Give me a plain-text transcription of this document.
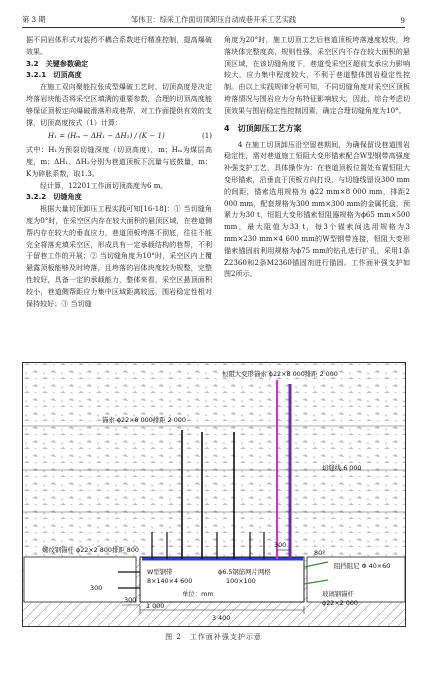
第 3 期	邹伟卫：综采工作面切顶卸压自动成巷开采工艺实践	9

据不同岩体形式对装药不耦合系数进行精准控制，提高爆破效果。

3.2　关键参数确定
3.2.1　切顶高度

在施工双向聚能拉张成型爆破工艺时，切顶高度是决定垮落岩块能否将采空区填满的重要参数，合理的切顶高度能够保证顶板定向爆破滑落形成巷帮，对工作面提供有效的支撑，切顶高度按式（1）计算：

H₁ = (Hₘ − ΔH₁ − ΔH₂) / (K − 1)	(1)

式中：H₁为预裂切缝深度（切顶高度），m；Hₘ为煤层高度，m；ΔH₁、ΔH₂分别为巷道顶板下沉量与底鼓量，m；K为碎胀系数，取1.3。

经计算，12201工作面切顶高度为6 m。

3.2.2　切缝角度

根据大量切顶卸压工程实践可知[16-18]：① 当切缝角度为0°时，在采空区内存在较大面积的悬顶区域，在巷道侧帮内存在较大的垂直应力，巷道顶板垮落不彻底，往往不能完全将落充填采空区，形成具有一定承载结构的巷帮，不利于留巷工作的开展；② 当切缝角度为10°时，采空区内上覆悬露顶板能够及时垮落，且垮落的岩体块度较为规整，完整性较好，具备一定的承载能力，整体来看，采空区悬顶面积较小，巷道侧帮距应力集中区域距离较远，围岩稳定性相对保持较好；③ 当切缝

角度为20°时，施工切顶工艺后巷道顶板垮落速度较快，垮落块体完整度高，规则性强，采空区内不存在较大面积的悬顶区域，在该切缝角度下，巷道受采空区超前支承应力影响较大，应力集中程度较大，不利于巷道整体围岩稳定性控制。由以上实践规律分析可知，不同切缝角度对采空区顶板垮落情况与围岩应力分布特征影响较大，因此，综合考虑切顶效果与围岩稳定性控制因素，确定合理切缝角度为10°。

4　切顶卸压工艺方案

4 在施工切顶卸压沿空留巷期间，为确保留设巷道围岩稳定性，需对巷道施工恒阻大变形锚索配合W型钢带高强度补强支护工艺，具体操作为：在巷道顶板位置处布置恒阻大变形锚索，沿垂直于顶板方向打设，与切缝线留设300 mm的间距，锚索选用规格为 ϕ22 mm×8 000 mm，排距2 000 mm，配套规格为300 mm×300 mm的金属托盘，预紧力为30 t，恒阻大变形锚索恒阻器规格为ϕ65 mm×500 mm，最大阻值为33 t，每3个锚索间选用规格为3 mm×230 mm×4 600 mm的W型钢带连接，恒阻大变形锚索锚固前利用规格为ϕ75 mm的钻孔进行扩孔，采用1条Z2360和2条M2360锚固剂进行锚固。工作面补强支护如图2所示。

恒阻大变形锚索 ϕ22×8 000排距 2 000
锚索 ϕ22×8 000排距 2 000
切缝线 6 000
螺纹钢锚杆 ϕ22×2 800排距 800	80°
阻挡阻尼 Φ 40×60
W型钢带
8×140×4 600
ϕ6.5钢筋网片网格
100×100
单位：mm	玻璃钢锚杆
ϕ22×2 000
300
300
1 000
3 400
300
图 2　工作面补强支护示意
